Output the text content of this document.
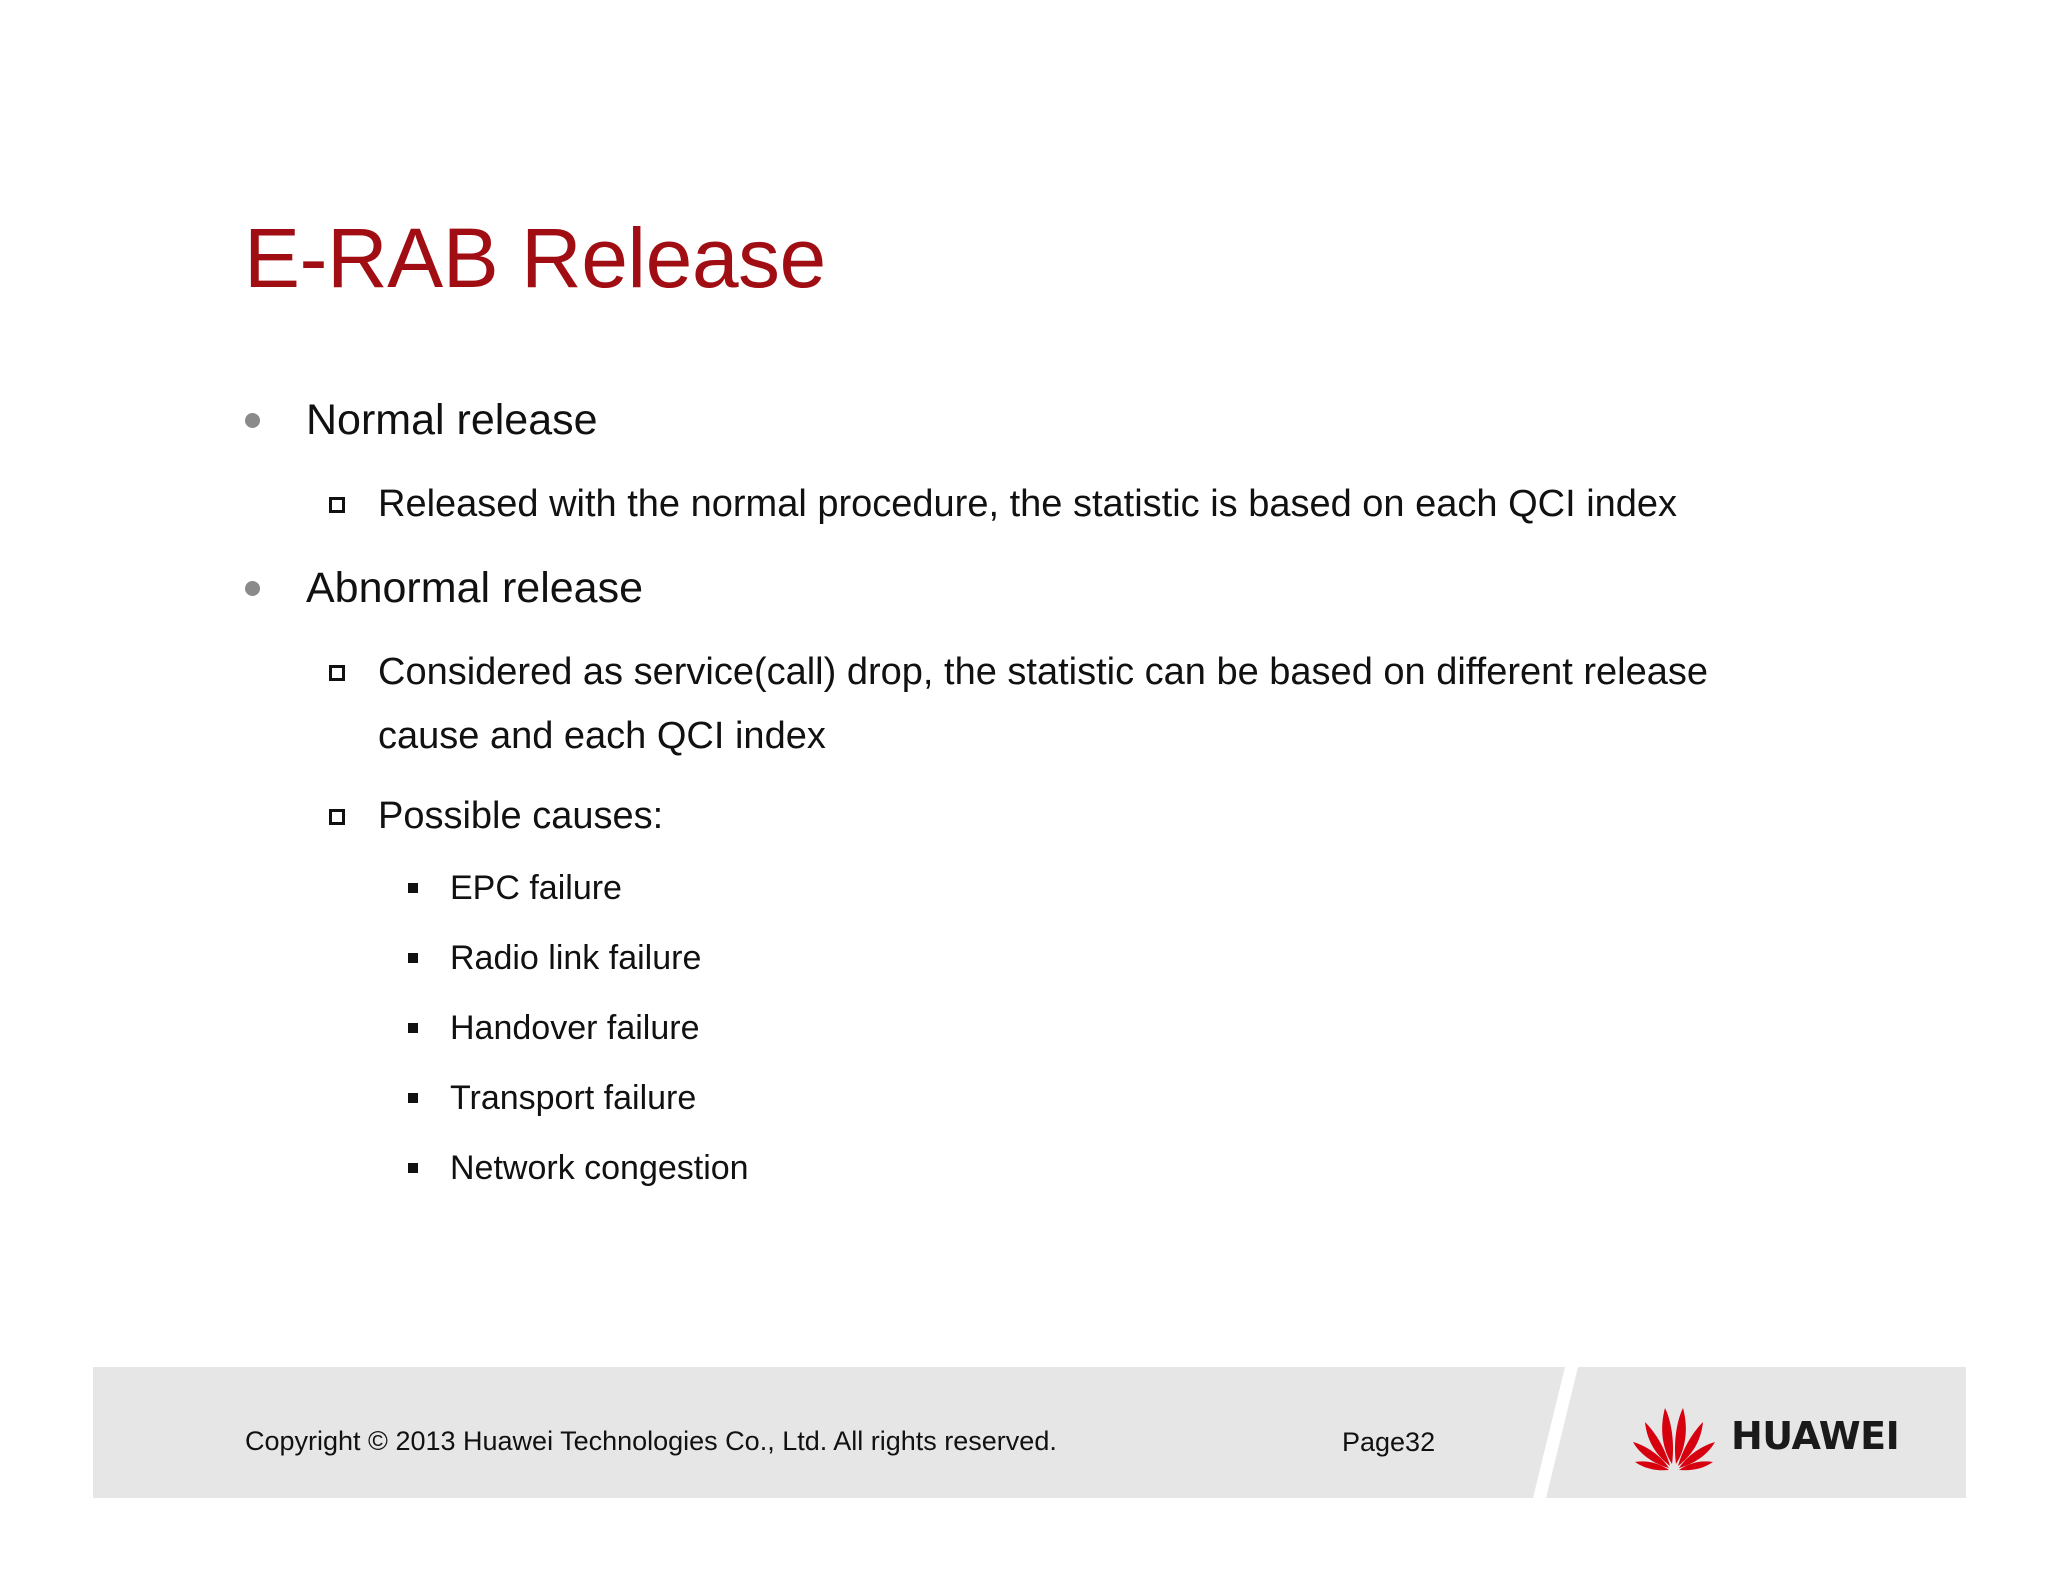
E-RAB Release
Normal release
Released with the normal procedure, the statistic is based on each QCI index
Abnormal release
Considered as service(call) drop, the statistic can be based on different release
cause and each QCI index
Possible causes:
EPC failure
Radio link failure
Handover failure
Transport failure
Network congestion
Copyright © 2013 Huawei Technologies Co., Ltd. All rights reserved.	Page32	HUAWEI
